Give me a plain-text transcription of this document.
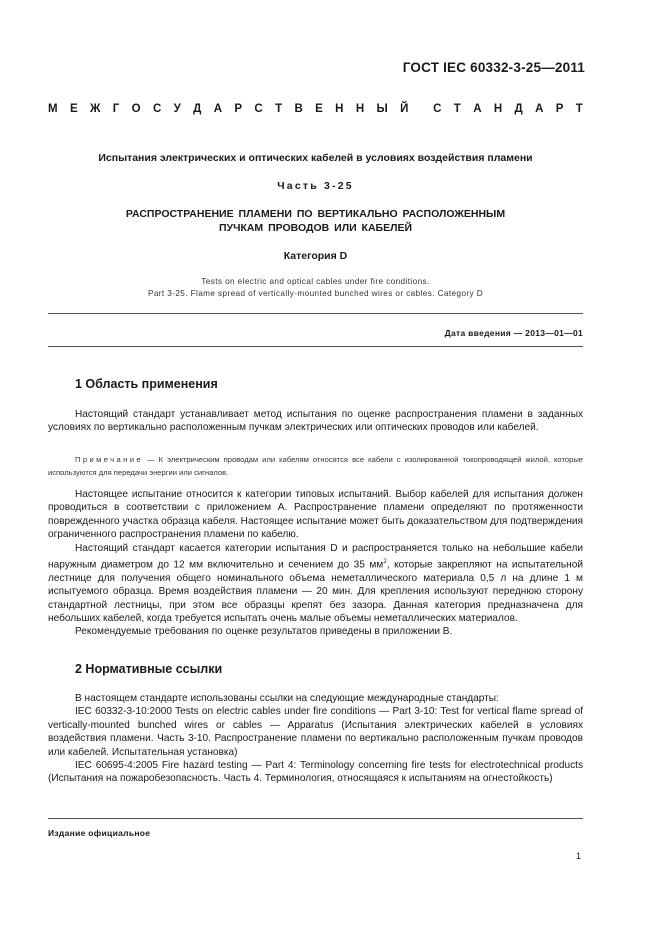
ГОСТ IEC 60332-3-25—2011
М Е Ж Г О С У Д А Р С Т В Е Н Н Ы Й С Т А Н Д А Р Т
Испытания электрических и оптических кабелей в условиях воздействия пламени
Часть 3-25
РАСПРОСТРАНЕНИЕ ПЛАМЕНИ ПО ВЕРТИКАЛЬНО РАСПОЛОЖЕННЫМ
ПУЧКАМ ПРОВОДОВ ИЛИ КАБЕЛЕЙ
Категория D
Tests on electric and optical cables under fire conditions.
Part 3-25. Flame spread of vertically-mounted bunched wires or cables. Category D
Дата введения — 2013—01—01
1 Область применения

Настоящий стандарт устанавливает метод испытания по оценке распространения пламени в заданных условиях по вертикально расположенным пучкам электрических или оптических проводов или кабелей.

Примечание — К электрическим проводам или кабелям относятся все кабели с изолированной токопроводящей жилой, которые используются для передачи энергии или сигналов.

Настоящее испытание относится к категории типовых испытаний. Выбор кабелей для испытания должен проводиться в соответствии с приложением А. Распространение пламени определяют по протяженности поврежденного участка образца кабеля. Настоящее испытание может быть доказательством для подтверждения ограниченного распространения пламени по кабелю.

Настоящий стандарт касается категории испытания D и распространяется только на небольшие кабели наружным диаметром до 12 мм включительно и сечением до 35 $мм^2$, которые закрепляют на испытательной лестнице для получения общего номинального объема неметаллического материала 0,5 л на длине 1 м испытуемого образца. Время воздействия пламени — 20 мин. Для крепления используют переднюю сторону стандартной лестницы, при этом все образцы крепят без зазора. Данная категория предназначена для небольших кабелей, когда требуется испытать очень малые объемы неметаллических материалов.

Рекомендуемые требования по оценке результатов приведены в приложении В.

2 Нормативные ссылки

В настоящем стандарте использованы ссылки на следующие международные стандарты:

IEC 60332-3-10:2000 Tests on electric cables under fire conditions — Part 3-10: Test for vertical flame spread of vertically-mounted bunched wires or cables — Apparatus (Испытания электрических кабелей в условиях воздействия пламени. Часть 3-10. Распространение пламени по вертикально расположенным пучкам проводов или кабелей. Испытательная установка)

IEC 60695-4:2005 Fire hazard testing — Part 4: Terminology concerning fire tests for electrotechnical products (Испытания на пожаробезопасность. Часть 4. Терминология, относящаяся к испытаниям на огнестойкость)

Издание официальное
1
